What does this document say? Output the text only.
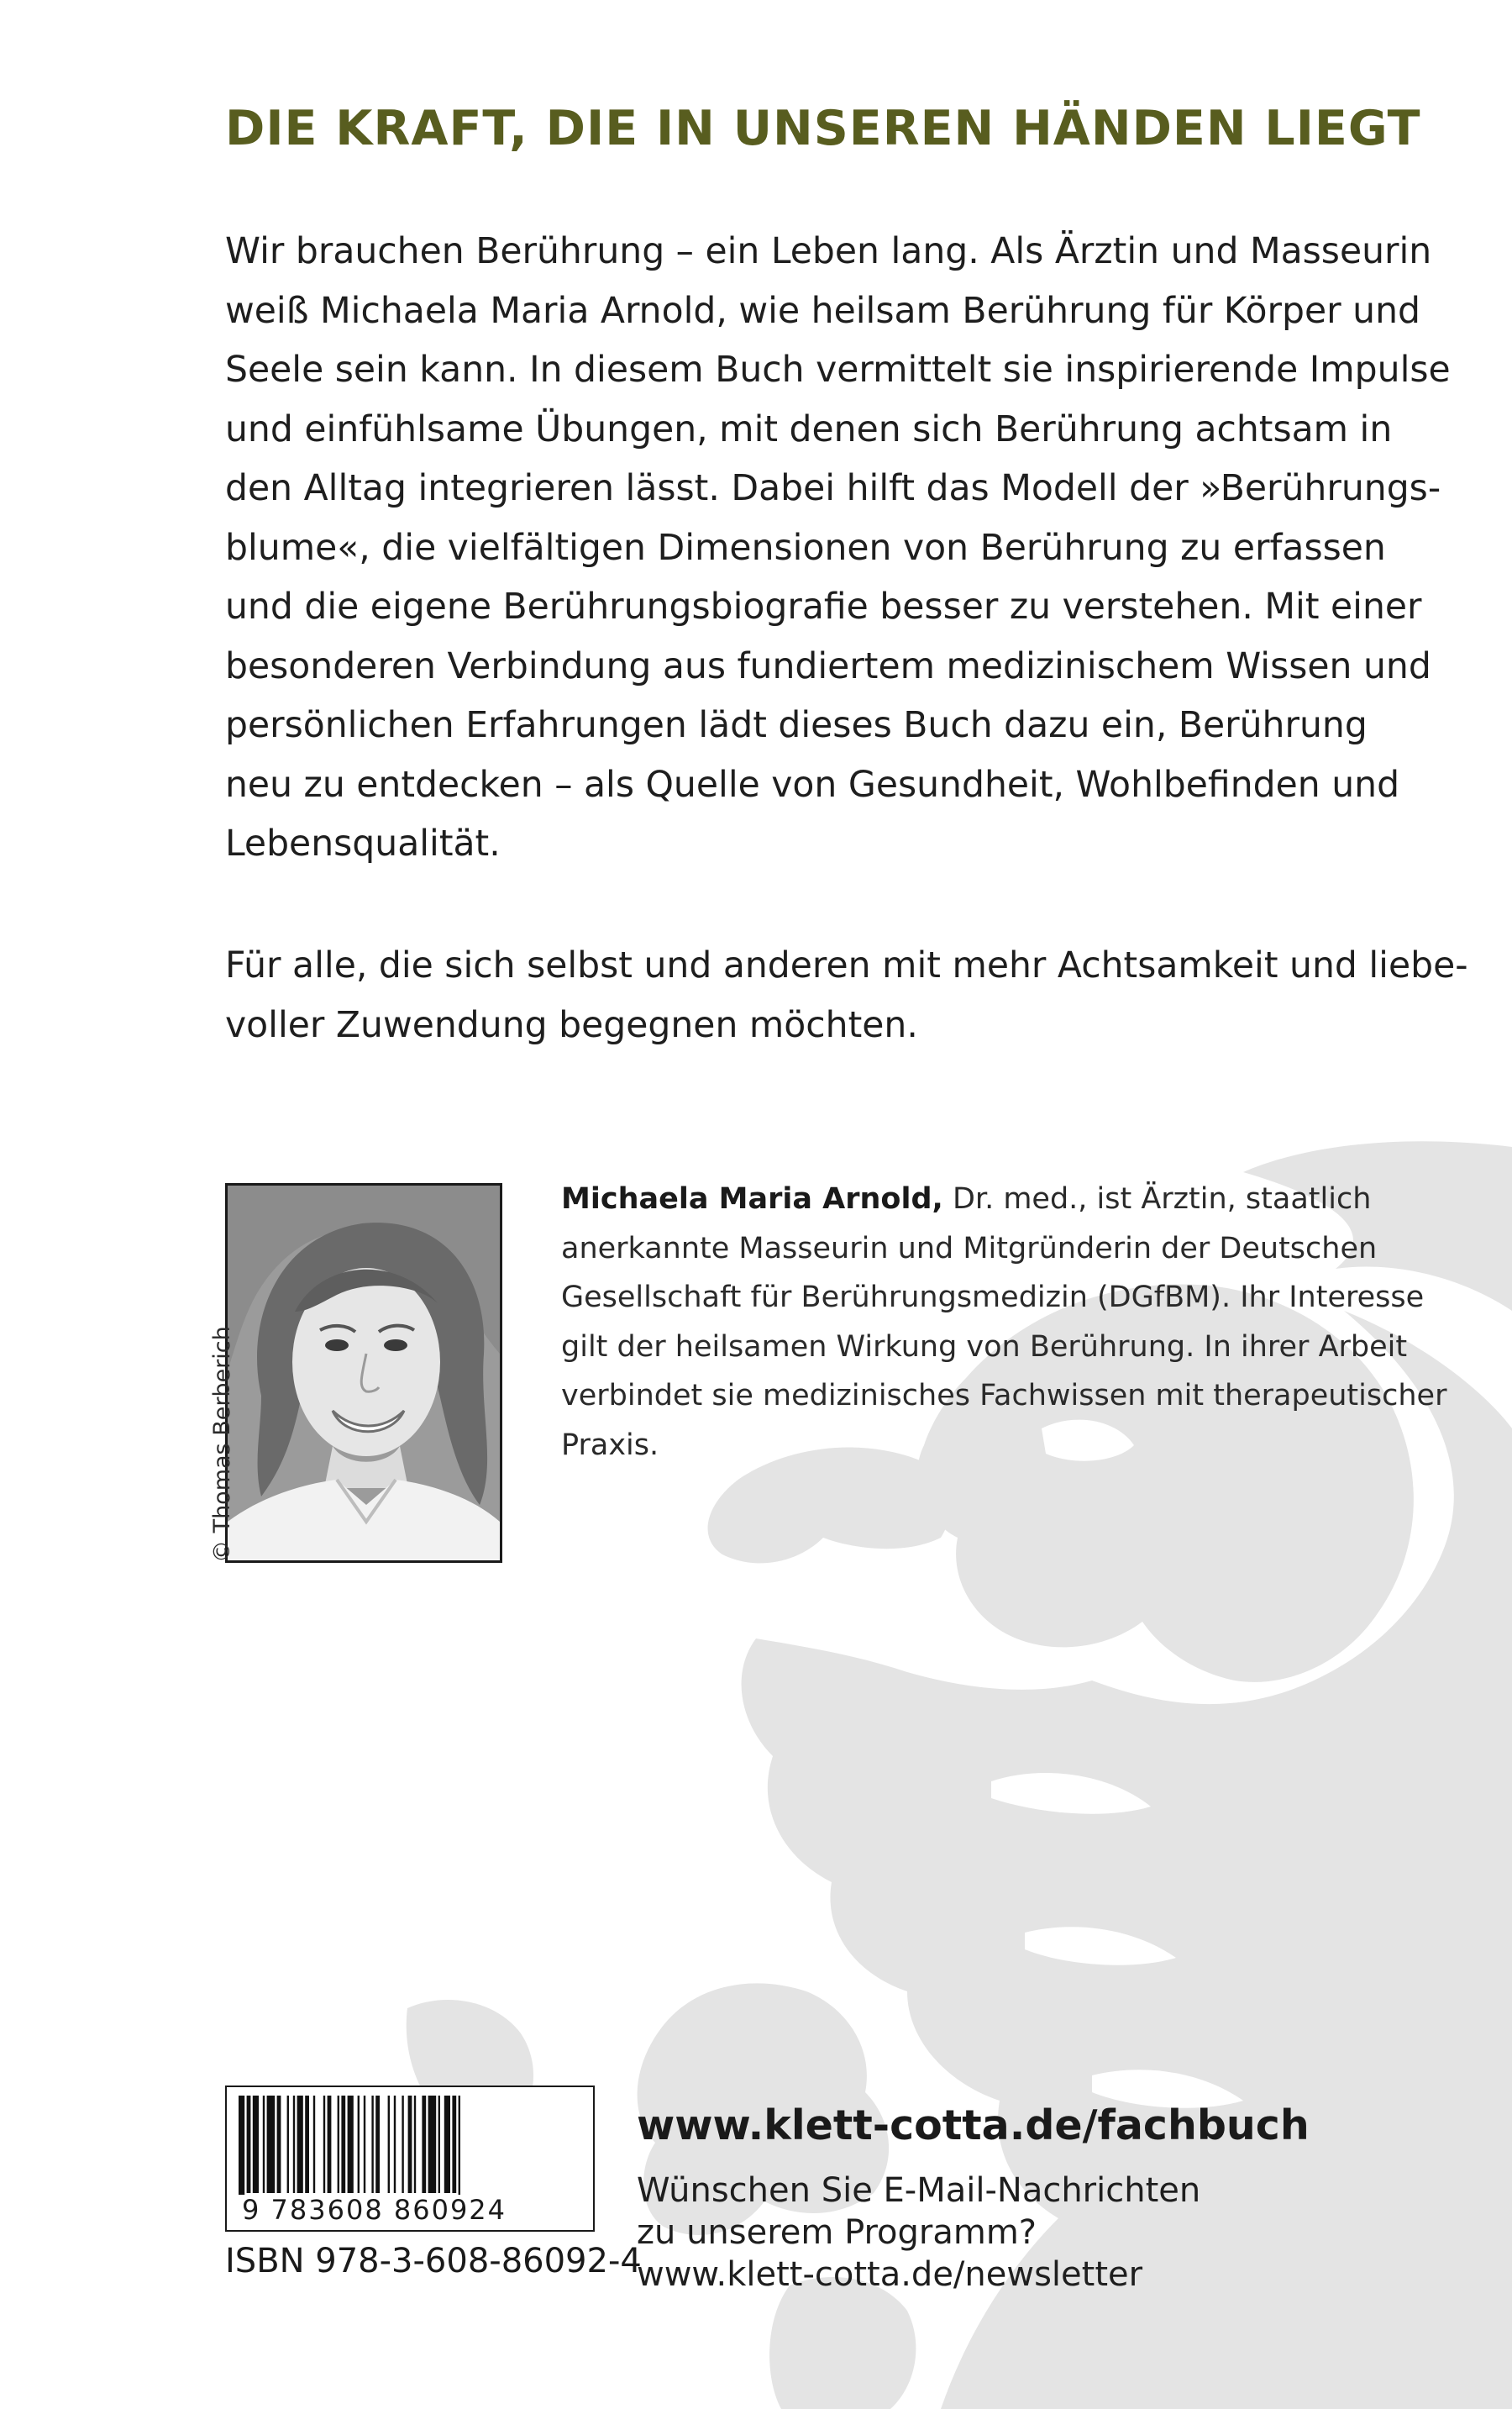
DIE KRAFT, DIE IN UNSEREN HÄNDEN LIEGT
Wir brauchen Berührung – ein Leben lang. Als Ärztin und Masseurin
weiß Michaela Maria Arnold, wie heilsam Berührung für Körper und
Seele sein kann. In diesem Buch vermittelt sie inspirierende Impulse
und einfühlsame Übungen, mit denen sich Berührung achtsam in
den Alltag integrieren lässt. Dabei hilft das Modell der »Berührungs-
blume«, die vielfältigen Dimensionen von Berührung zu erfassen
und die eigene Berührungsbiografie besser zu verstehen. Mit einer
besonderen Verbindung aus fundiertem medizinischem Wissen und
persönlichen Erfahrungen lädt dieses Buch dazu ein, Berührung
neu zu entdecken – als Quelle von Gesundheit, Wohlbefinden und
Lebensqualität.
Für alle, die sich selbst und anderen mit mehr Achtsamkeit und liebe-
voller Zuwendung begegnen möchten.
© Thomas Berberich
Michaela Maria Arnold, Dr. med., ist Ärztin, staatlich
anerkannte Masseurin und Mitgründerin der Deutschen
Gesellschaft für Berührungsmedizin (DGfBM). Ihr Interesse
gilt der heilsamen Wirkung von Berührung. In ihrer Arbeit
verbindet sie medizinisches Fachwissen mit therapeutischer
Praxis.
9 783608 860924
ISBN 978-3-608-86092-4
www.klett-cotta.de/fachbuch
Wünschen Sie E-Mail-Nachrichten
zu unserem Programm?
www.klett-cotta.de/newsletter
